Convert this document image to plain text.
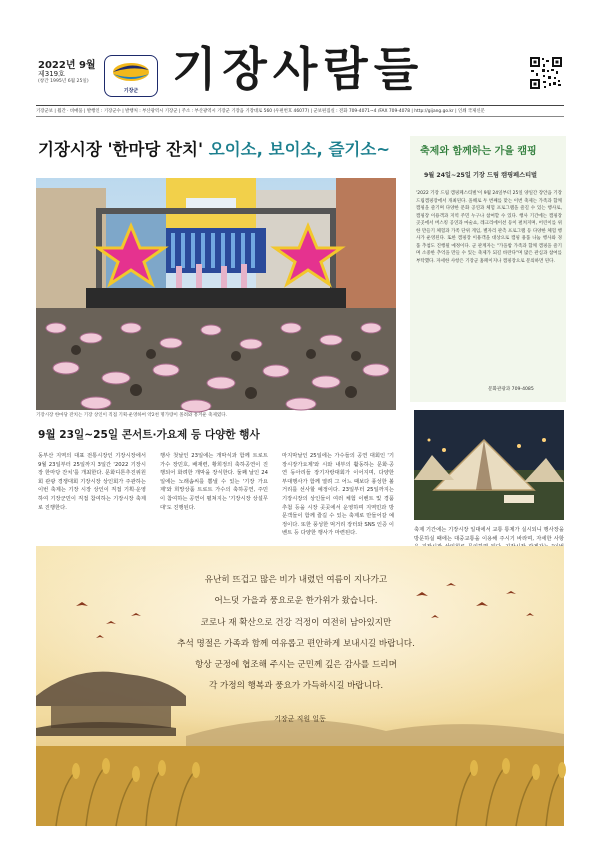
2022년 9월
제319호
(창간 1995년 6월 25일)
기장군 기장사람들
기장군보 | 월간 · 비매품 | 발행인 : 기장군수 | 발행처 : 부산광역시 기장군 | 주소 : 부산광역시 기장군 기장읍 기장대로 560 (우편번호 46077) | 군보편집실 : 전화 709-4071~4 /FAX 709-4078 | http://gijang.go.kr | 인쇄 국제신문
기장시장 '한마당 잔치' 오이소, 보이소, 즐기소~
기장시장 한마당 잔치는 기장 상인이 직접 기획·운영하여 약2천 명가량이 몰려와 흥겨운 축제였다.
9월 23일~25일 콘서트·가요제 등 다양한 행사
동부산 지역의 대표 전통시장인 기장시장에서 9월 23일부터 25일까지 3일간 '2022 기장시장 한마당 잔치'를 개최한다. 문화디톤추진위원회 관광 경쟁대회 기장시장 상인회가 주관하는 이번 축제는 기장 시장 상인이 직접 기획·운영하여 기장군민이 직접 참여하는 기장시장 축제로 진행한다.
행사 첫날인 23일에는 개막식과 함께 트로트 가수 장민호, 배재련, 황희정의 축하공연이 진행되어 화려한 개막을 장식한다. 둘째 날인 24일에는 노래솜씨를 뽐낼 수 있는 '기장 가요제'와 희망상품 트로트 가수의 축하공연, 주민이 참여하는 공연이 펼쳐지는 '기장시장 상설무대'도 진행된다.
마지막날인 25일에는 가수들의 공연 대회인 '기장시장가요제'와 시와 내부의 활동하는 문화·공연 동아리들 장기자랑대회가 이어지며, 다양한 부대행사가 함께 열려 그 어느 때보다 풍성한 볼거리를 선사할 예정이다. 23일부터 25일까지는 기장시장의 상인들이 여러 체험 이벤트 및 경품 추첨 등을 시장 곳곳에서 운영하며 지역민과 방문객들이 함께 즐길 수 있는 축제로 만들어갈 예정이다. 또한 풍성한 먹거리 장터와 SNS 인증 이벤트 등 다양한 행사가 마련된다.
축제와 함께하는 가을 캠핑
9월 24일~25일 기장 드림 캠핑페스티벌
'2022 기장 드림 캠핑페스티벌'이 9월 24일부터 25일 양일간 장안읍 기장드림캠핑장에서 개최된다. 올해로 두 번째를 맞는 이번 축제는 가족과 함께 캠핑을 즐기며 다양한 문화 공연과 체험 프로그램을 즐길 수 있는 행사로, 캠핑장 이용객과 지역 주민 누구나 참여할 수 있다. 행사 기간에는 캠핑장 곳곳에서 버스킹 공연과 마술쇼, 레크리에이션 등이 펼쳐지며, 어린이를 위한 만들기 체험과 가족 단위 게임, 별자리 관측 프로그램 등 다양한 체험 행사가 운영된다. 또한 캠핑장 이용객을 대상으로 캠핑 용품 나눔 행사와 경품 추첨도 진행될 예정이다. 군 관계자는 "가을밤 가족과 함께 캠핑을 즐기며 소중한 추억을 만들 수 있는 축제가 되길 바란다"며 많은 관심과 참여를 부탁했다. 자세한 사항은 기장군 홈페이지나 캠핑장으로 문의하면 된다.
문화관광과 709-4085
축제 기간에는 기장시장 일대에서 교통 통제가 실시되니 행사장을 방문하실 때에는 대중교통을 이용해 주시기 바라며, 자세한 사항
유난히 뜨겁고 많은 비가 내렸던 여름이 지나가고
어느덧 가을과 풍요로운 한가위가 왔습니다.
코로나 재 확산으로 건강 걱정이 여전히 남아있지만
추석 명절은 가족과 함께 여유롭고 편안하게 보내시길 바랍니다.
항상 군정에 협조해 주시는 군민께 깊은 감사를 드리며
각 가정의 행복과 풍요가 가득하시길 바랍니다.
기장군 직원 일동
